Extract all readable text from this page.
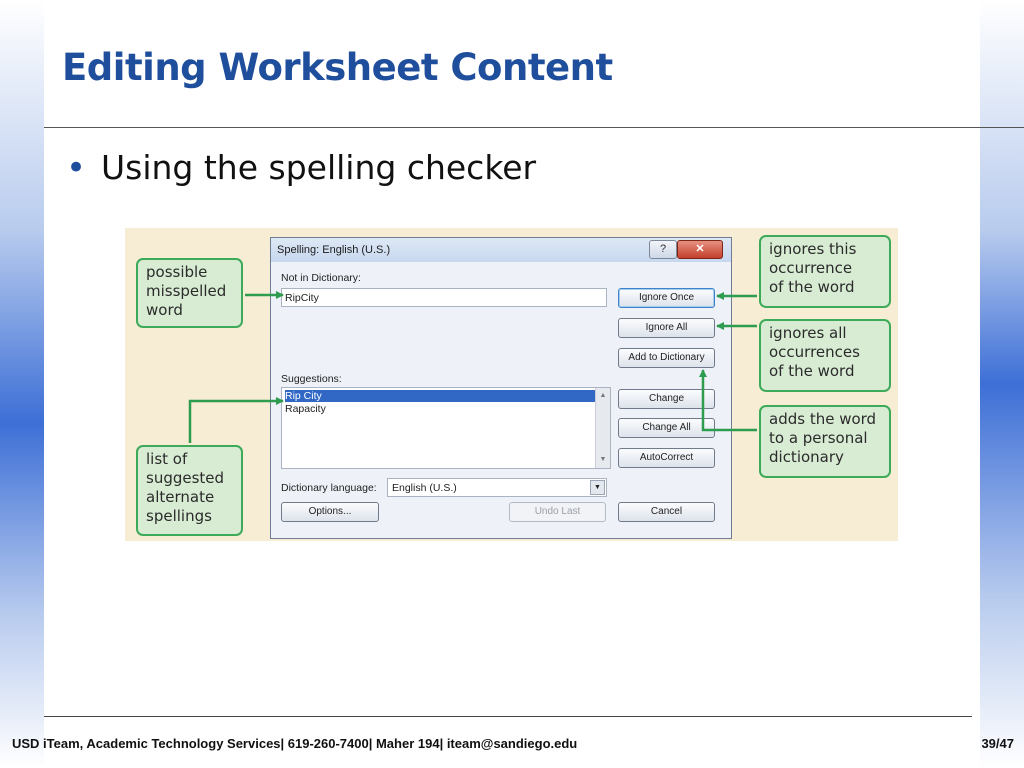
Editing Worksheet Content
• Using the spelling checker
possible
misspelled
word
list of
suggested
alternate
spellings
ignores this
occurrence
of the word
ignores all
occurrences
of the word
adds the word
to a personal
dictionary
Spelling: English (U.S.)	?	✕
Not in Dictionary:
RipCity
Suggestions:
Rip City
Rapacity
▲
▼
Dictionary language:	English (U.S.)	▼
Ignore Once
Ignore All
Add to Dictionary
Change
Change All
AutoCorrect
Options...	Undo Last	Cancel
USD iTeam, Academic Technology Services| 619-260-7400| Maher 194| iteam@sandiego.edu	39/47
